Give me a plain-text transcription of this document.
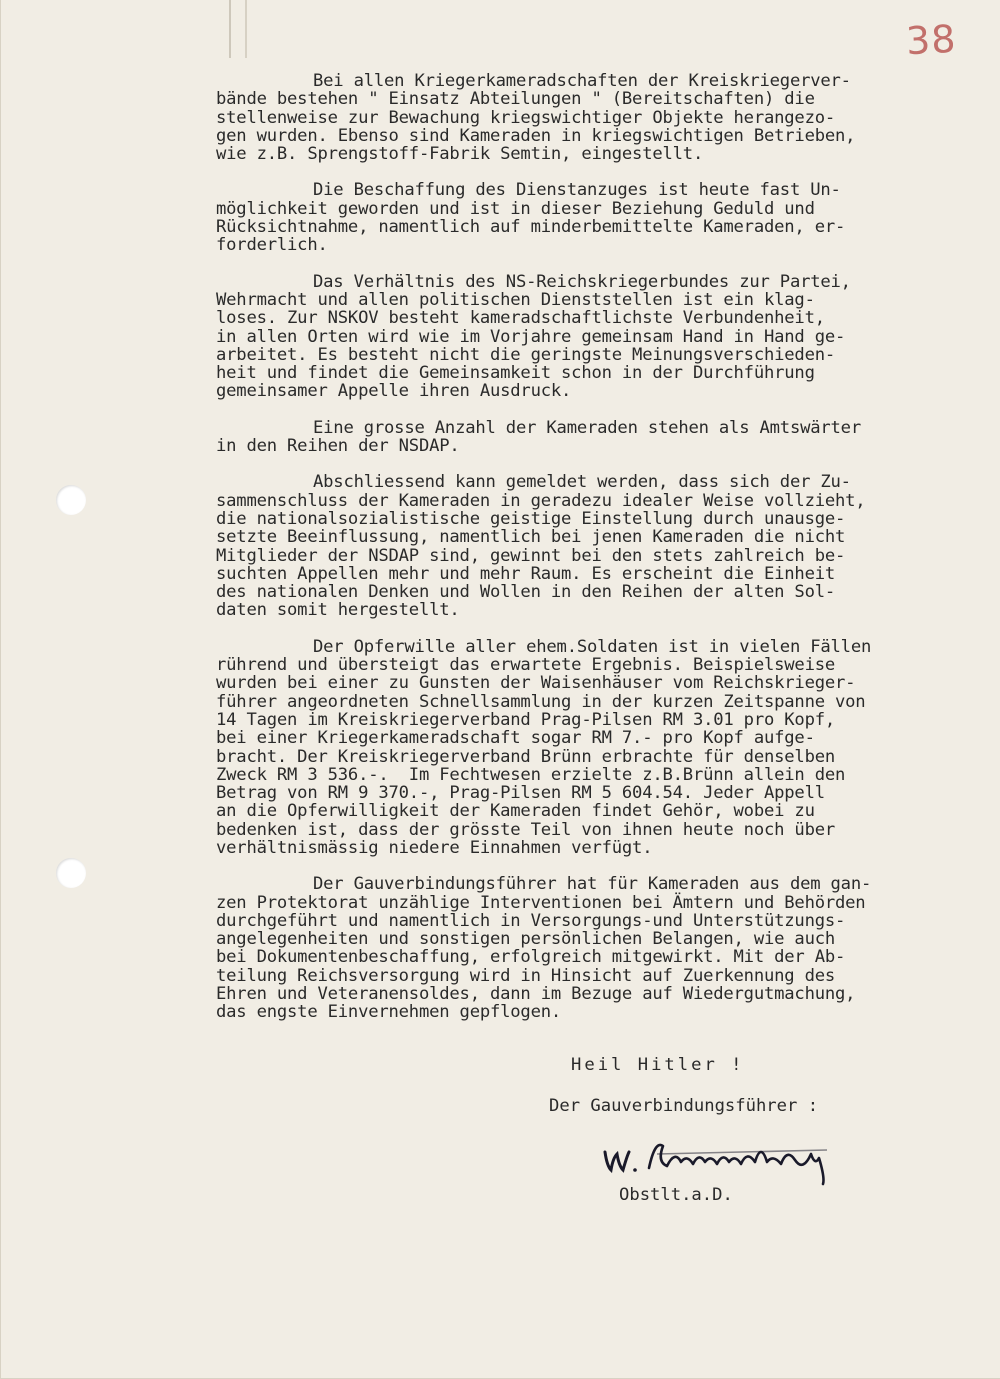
38
Bei allen Kriegerkameradschaften der Kreiskriegerver-
bände bestehen " Einsatz Abteilungen " (Bereitschaften) die
stellenweise zur Bewachung kriegswichtiger Objekte herangezo-
gen wurden. Ebenso sind Kameraden in kriegswichtigen Betrieben,
wie z.B. Sprengstoff-Fabrik Semtin, eingestellt.
Die Beschaffung des Dienstanzuges ist heute fast Un-
möglichkeit geworden und ist in dieser Beziehung Geduld und
Rücksichtnahme, namentlich auf minderbemittelte Kameraden, er-
forderlich.
Das Verhältnis des NS-Reichskriegerbundes zur Partei,
Wehrmacht und allen politischen Dienststellen ist ein klag-
loses. Zur NSKOV besteht kameradschaftlichste Verbundenheit,
in allen Orten wird wie im Vorjahre gemeinsam Hand in Hand ge-
arbeitet. Es besteht nicht die geringste Meinungsverschieden-
heit und findet die Gemeinsamkeit schon in der Durchführung
gemeinsamer Appelle ihren Ausdruck.
Eine grosse Anzahl der Kameraden stehen als Amtswärter
in den Reihen der NSDAP.
Abschliessend kann gemeldet werden, dass sich der Zu-
sammenschluss der Kameraden in geradezu idealer Weise vollzieht,
die nationalsozialistische geistige Einstellung durch unausge-
setzte Beeinflussung, namentlich bei jenen Kameraden die nicht
Mitglieder der NSDAP sind, gewinnt bei den stets zahlreich be-
suchten Appellen mehr und mehr Raum. Es erscheint die Einheit
des nationalen Denken und Wollen in den Reihen der alten Sol-
daten somit hergestellt.
Der Opferwille aller ehem.Soldaten ist in vielen Fällen
rührend und übersteigt das erwartete Ergebnis. Beispielsweise
wurden bei einer zu Gunsten der Waisenhäuser vom Reichskrieger-
führer angeordneten Schnellsammlung in der kurzen Zeitspanne von
14 Tagen im Kreiskriegerverband Prag-Pilsen RM 3.01 pro Kopf,
bei einer Kriegerkameradschaft sogar RM 7.- pro Kopf aufge-
bracht. Der Kreiskriegerverband Brünn erbrachte für denselben
Zweck RM 3 536.-.  Im Fechtwesen erzielte z.B.Brünn allein den
Betrag von RM 9 370.-, Prag-Pilsen RM 5 604.54. Jeder Appell
an die Opferwilligkeit der Kameraden findet Gehör, wobei zu
bedenken ist, dass der grösste Teil von ihnen heute noch über
verhältnismässig niedere Einnahmen verfügt.
Der Gauverbindungsführer hat für Kameraden aus dem gan-
zen Protektorat unzählige Interventionen bei Ämtern und Behörden
durchgeführt und namentlich in Versorgungs-und Unterstützungs-
angelegenheiten und sonstigen persönlichen Belangen, wie auch
bei Dokumentenbeschaffung, erfolgreich mitgewirkt. Mit der Ab-
teilung Reichsversorgung wird in Hinsicht auf Zuerkennung des
Ehren und Veteranensoldes, dann im Bezuge auf Wiedergutmachung,
das engste Einvernehmen gepflogen.
Heil Hitler !
Der Gauverbindungsführer :
Obstlt.a.D.
